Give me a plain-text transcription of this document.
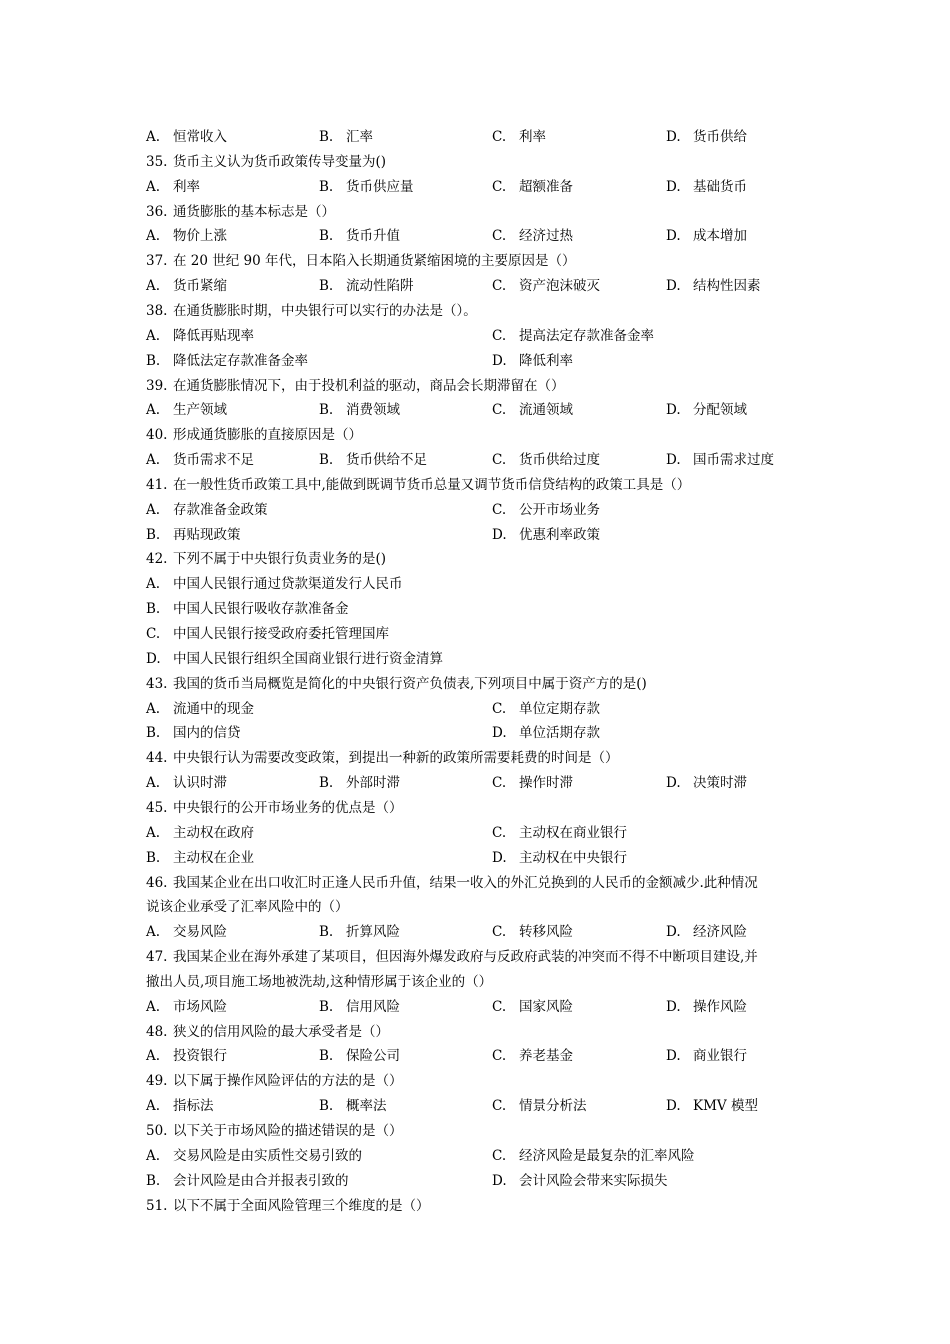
A. 恒常收入	B. 汇率	C. 利率	D. 货币供给
35. 货币主义认为货币政策传导变量为()
A. 利率	B. 货币供应量	C. 超额准备	D. 基础货币
36. 通货膨胀的基本标志是（）
A. 物价上涨	B. 货币升值	C. 经济过热	D. 成本增加
37. 在 20 世纪 90 年代，日本陷入长期通货紧缩困境的主要原因是（）
A. 货币紧缩	B. 流动性陷阱	C. 资产泡沫破灭	D. 结构性因素
38. 在通货膨胀时期，中央银行可以实行的办法是（）。
A. 降低再贴现率	C. 提高法定存款准备金率
B. 降低法定存款准备金率	D. 降低利率
39. 在通货膨胀情况下，由于投机利益的驱动，商品会长期滞留在（）
A. 生产领域	B. 消费领域	C. 流通领域	D. 分配领域
40. 形成通货膨胀的直接原因是（）
A. 货币需求不足	B. 货币供给不足	C. 货币供给过度	D. 国币需求过度
41. 在一般性货币政策工具中,能做到既调节货币总量又调节货币信贷结构的政策工具是（）
A. 存款准备金政策	C. 公开市场业务
B. 再贴现政策	D. 优惠利率政策
42. 下列不属于中央银行负责业务的是()
A. 中国人民银行通过贷款渠道发行人民币
B. 中国人民银行吸收存款准备金
C. 中国人民银行接受政府委托管理国库
D. 中国人民银行组织全国商业银行进行资金清算
43. 我国的货币当局概览是简化的中央银行资产负债表,下列项目中属于资产方的是()
A. 流通中的现金	C. 单位定期存款
B. 国内的信贷	D. 单位活期存款
44. 中央银行认为需要改变政策，到提出一种新的政策所需要耗费的时间是（）
A. 认识时滞	B. 外部时滞	C. 操作时滞	D. 决策时滞
45. 中央银行的公开市场业务的优点是（）
A. 主动权在政府	C. 主动权在商业银行
B. 主动权在企业	D. 主动权在中央银行
46. 我国某企业在出口收汇时正逢人民币升值，结果一收入的外汇兑换到的人民币的金额减少.此种情况
说该企业承受了汇率风险中的（）
A. 交易风险	B. 折算风险	C. 转移风险	D. 经济风险
47. 我国某企业在海外承建了某项目，但因海外爆发政府与反政府武装的冲突而不得不中断项目建设,并
撤出人员,项目施工场地被洗劫,这种情形属于该企业的（）
A. 市场风险	B. 信用风险	C. 国家风险	D. 操作风险
48. 狭义的信用风险的最大承受者是（）
A. 投资银行	B. 保险公司	C. 养老基金	D. 商业银行
49. 以下属于操作风险评估的方法的是（）
A. 指标法	B. 概率法	C. 情景分析法	D. KMV 模型
50. 以下关于市场风险的描述错误的是（）
A. 交易风险是由实质性交易引致的	C. 经济风险是最复杂的汇率风险
B. 会计风险是由合并报表引致的	D. 会计风险会带来实际损失
51. 以下不属于全面风险管理三个维度的是（）
